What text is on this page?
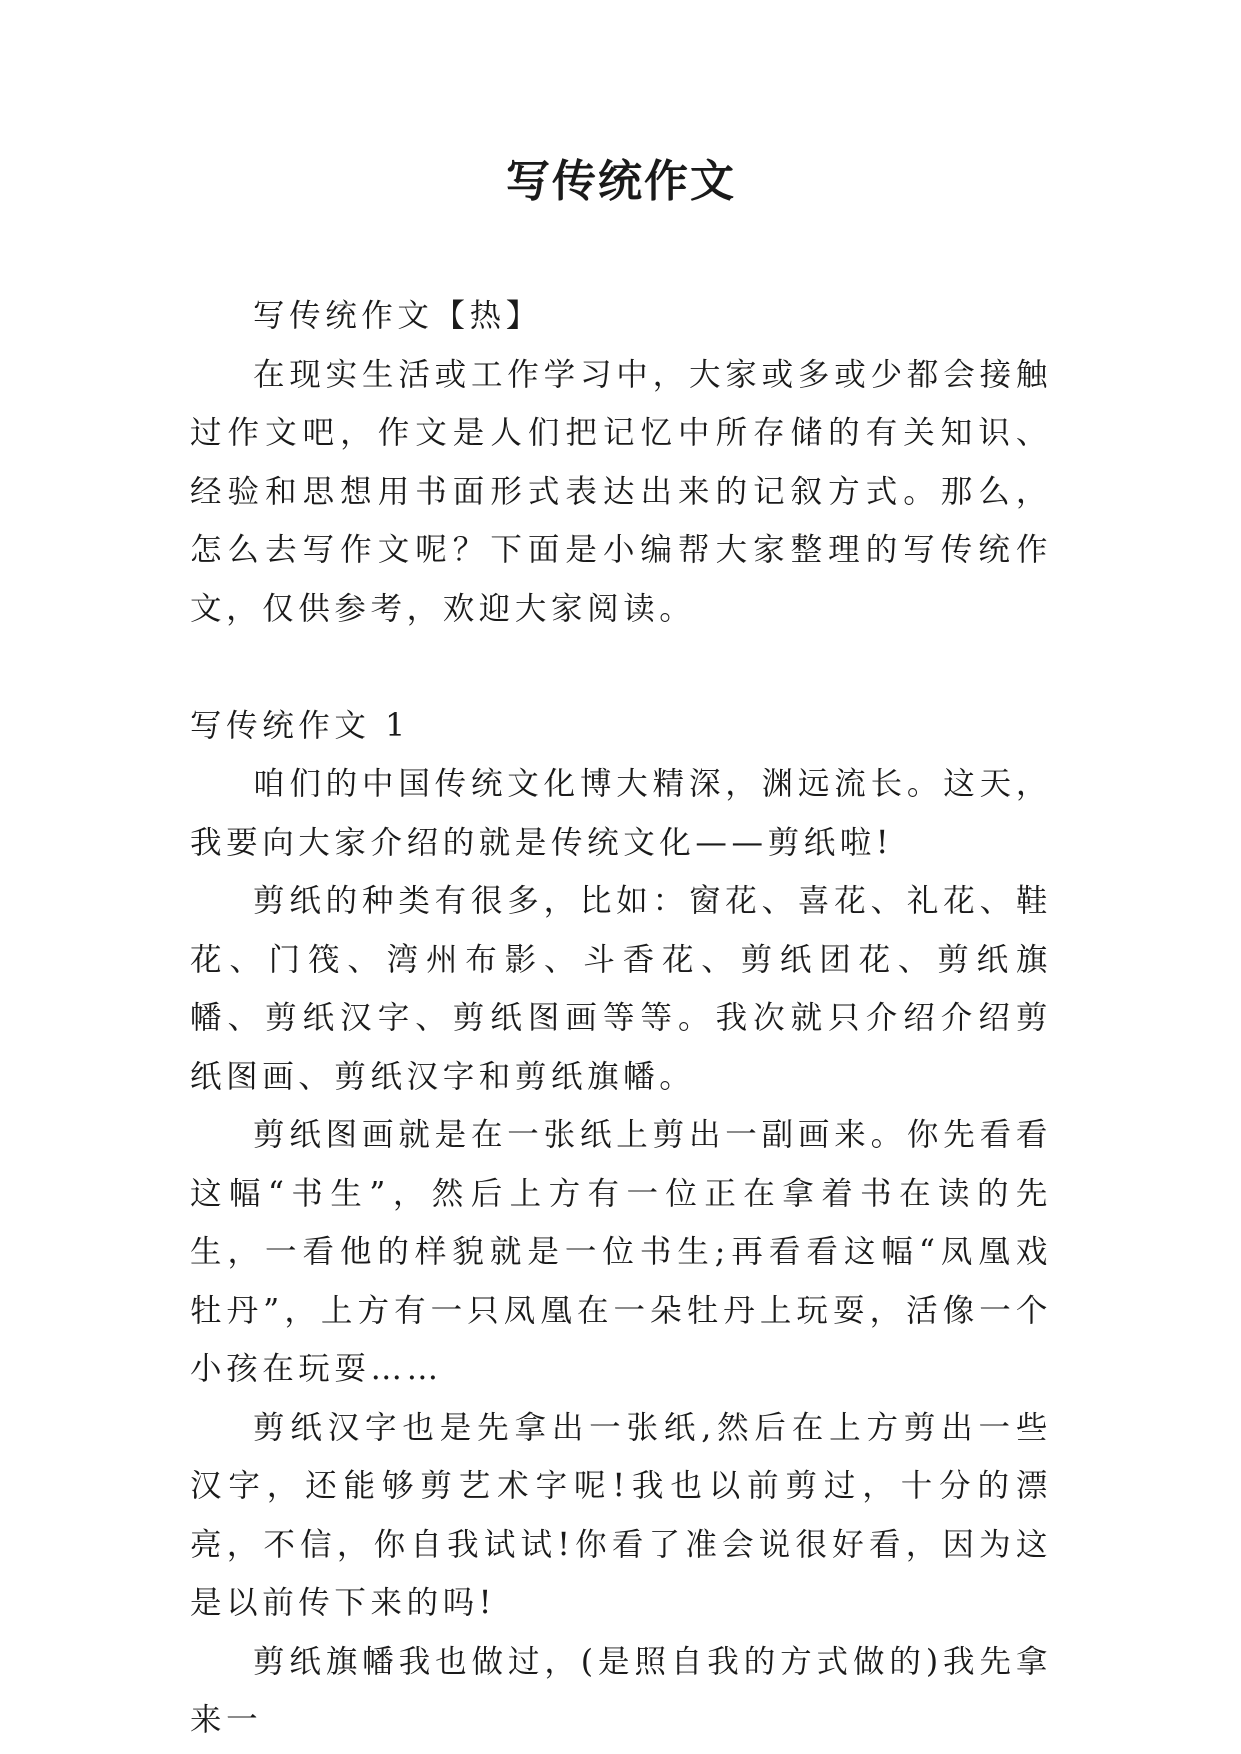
写传统作文

写传统作文【热】

在现实生活或工作学习中，大家或多或少都会接触过作文吧，作文是人们把记忆中所存储的有关知识、经验和思想用书面形式表达出来的记叙方式。那么，怎么去写作文呢？下面是小编帮大家整理的写传统作文，仅供参考，欢迎大家阅读。

写传统作文 1

咱们的中国传统文化博大精深，渊远流长。这天，我要向大家介绍的就是传统文化——剪纸啦!

剪纸的种类有很多，比如：窗花、喜花、礼花、鞋花、门筏、湾州布影、斗香花、剪纸团花、剪纸旗幡、剪纸汉字、剪纸图画等等。我次就只介绍介绍剪纸图画、剪纸汉字和剪纸旗幡。

剪纸图画就是在一张纸上剪出一副画来。你先看看这幅“书生”，然后上方有一位正在拿着书在读的先生，一看他的样貌就是一位书生;再看看这幅“凤凰戏牡丹”，上方有一只凤凰在一朵牡丹上玩耍，活像一个小孩在玩耍……

剪纸汉字也是先拿出一张纸,然后在上方剪出一些汉字，还能够剪艺术字呢!我也以前剪过，十分的漂亮，不信，你自我试试!你看了准会说很好看，因为这是以前传下来的吗!

剪纸旗幡我也做过，(是照自我的方式做的)我先拿来一
